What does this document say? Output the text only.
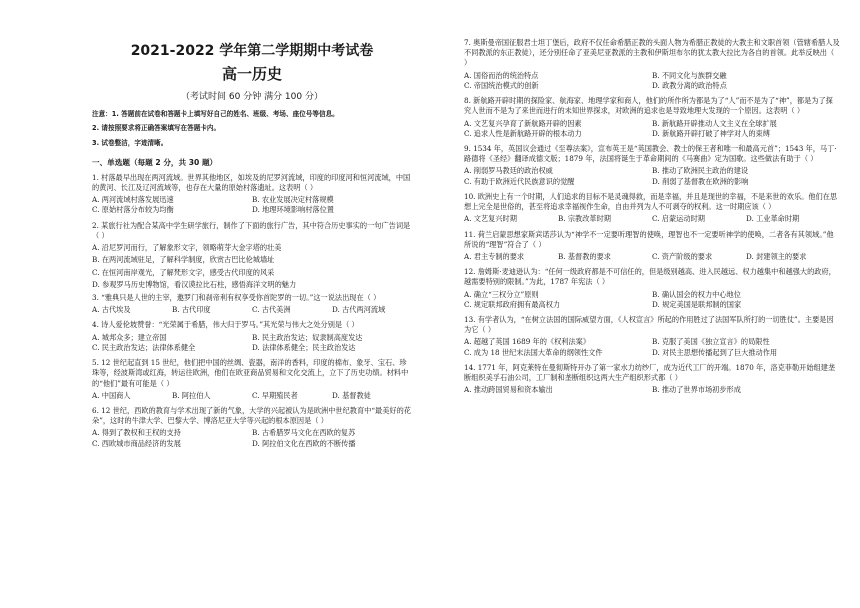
2021-2022 学年第二学期期中考试卷
高一历史
（考试时间 60 分钟 满分 100 分）
注意：1. 答题前在试卷和答题卡上填写好自己的姓名、班级、考场、座位号等信息。
2. 请按照要求将正确答案填写在答题卡内。
3. 试卷整洁，字迹清晰。
一、单选题（每题 2 分，共 30 题）
1. 村落最早出现在两河流域。世界其他地区，如埃及的尼罗河流域，印度的印度河和恒河流域，中国的黄河、长江及辽河流域等，也存在大量的原始村落遗址。这表明（ ）
A. 两河流域村落发展迅速	B. 农业发展决定村落规模
C. 原始村落分布较为均衡	D. 地理环境影响村落位置
2. 某旅行社为配合某高中学生研学旅行，制作了下面的旅行广告，其中符合历史事实的一句广告词是（ ）
A. 沿尼罗河而行，了解象形文字，领略萌芽大金字塔的壮美
B. 在两河流域驻足，了解科学制度，欣赏古巴比伦城墙址
C. 在恒河南岸观光，了解梵形文字，感受古代印度的风采
D. 参观罗马历史博物馆，看汉谟拉比石柱，感悟海洋文明的魅力
3. “雅典只是人世的主宰，邀罗门和刹帝利有权享受你首陀罗的一切。”这一说法出现在（ ）
A. 古代埃及	B. 古代印度	C. 古代美洲	D. 古代两河流域
4. 诗人爱伦坡赞誉：“光荣属于希腊，伟大归于罗马。”其光荣与伟大之处分别是（ ）
A. 城邦众多；建立帝国	B. 民主政治发达；奴隶制高度发达
C. 民主政治发达；法律体系健全	D. 法律体系健全；民主政治发达
5. 12 世纪起直到 15 世纪，他们把中国的丝绸、瓷器，南洋的香料，印度的棉布、象牙、宝石、珍珠等，经波斯湾或红海，转运往欧洲，他们在欧亚商品贸易和文化交流上，立下了历史功绩。材料中的“他们”最有可能是（ ）
A. 中国商人	B. 阿拉伯人	C. 早期殖民者	D. 基督教徒
6. 12 世纪，西欧的教育与学术出现了新的气象，大学的兴起被认为是欧洲中世纪教育中“最美好的花朵”，这时的牛津大学、巴黎大学、博洛尼亚大学等兴起的根本原因是（ ）
A. 得到了教权和王权的支持	B. 古希腊罗马文化在西欧的复苏
C. 西欧城市商品经济的发展	D. 阿拉伯文化在西欧的不断传播
7. 奥斯曼帝国征服君士坦丁堡后，政府不仅任命希腊正教的头面人物为希腊正教徒的大教主和文职首领（管辖希腊人及不同教派的东正教徒），还分别任命了亚美尼亚教派的主教和伊斯坦布尔的犹太教大拉比为各自的首领。此举反映出（ ）
A. 国俗而治的统治特点	B. 不同文化与族群交融
C. 帝国统治模式的创新	D. 政教分离的政治特点
8. 新航路开辟时期的探险家、航海家、地理学家和商人，他们的所作所为都是为了“人”而不是为了“神”，都是为了探究人世而不是为了来世而进行的未知世界探求，对欧洲的追求也是导致地理大发现的一个原因。这表明（ ）
A. 文艺复兴孕育了新航路开辟的因素	B. 新航路开辟推动人文主义在全球扩展
C. 追求人性是新航路开辟的根本动力	D. 新航路开辟打破了神学对人的束缚
9. 1534 年，英国议会通过《至尊法案》，宣布英王是“英国教会、教士的保王者和唯一和最高元首”；1543 年，马丁·路德将《圣经》翻译成德文版；1879 年，法国将诞生于革命期间的《马赛曲》定为国歌。这些做法有助于（ ）
A. 削弱罗马教廷的政治权威	B. 推动了欧洲民主政治的建设
C. 有助于欧洲近代民族意识的觉醒	D. 削弱了基督教在欧洲的影响
10. 欧洲史上有一个时期，人们追求的目标不是灵魂得救，而是幸福，并且是现世的幸福，不是来世的欢乐。他们在思想上完全是世俗的，甚至将追求幸福视作生命，自由并列为人不可剥夺的权利。这一时期应该（ ）
A. 文艺复兴时期	B. 宗教改革时期	C. 启蒙运动时期	D. 工业革命时期
11. 荷兰启蒙思想家斯宾诺莎认为“神学不一定要听理智的使唤，理智也不一定要听神学的使唤，二者各有其领域。”他所说的“理智”符合了（ ）
A. 君主专制的要求	B. 基督教的要求	C. 资产阶级的要求	D. 封建领主的要求
12. 詹姆斯·麦迪逊认为：“任何一级政府都是不可信任的，但是级别越高、进入民越远、权力越集中和越强大的政府，越需要特别的限制。”为此，1787 年宪法（ ）
A. 确立“三权分立”原则	B. 确认国会的权力中心地位
C. 规定联邦政府拥有最高权力	D. 规定美国是联邦制的国家
13. 有学者认为，“在树立法国的国际威望方面，《人权宣言》所起的作用胜过了法国军队所打的一切胜仗”。主要是因为它（ ）
A. 超越了英国 1689 年的《权利法案》	B. 克服了美国《独立宣言》的局限性
C. 成为 18 世纪末法国大革命的纲领性文件	D. 对民主思想传播起到了巨大推动作用
14. 1771 年，阿克莱特在曼彻斯特开办了第一家水力纺纱厂，成为近代工厂的开端。1870 年，洛克菲勒开始组建垄断组织美孚石油公司，工厂制和垄断组织这两大生产组织形式都（ ）
A. 推动跨国贸易和资本输出	B. 推动了世界市场初步形成
